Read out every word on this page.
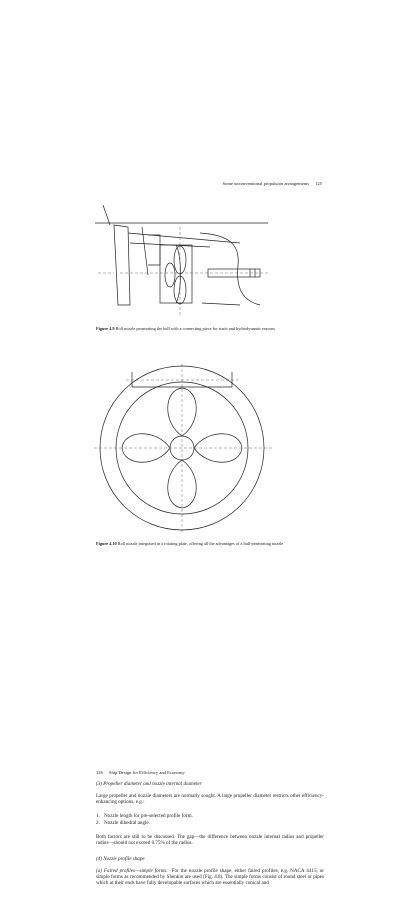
Some unconventional propulsion arrangements 125
Figure 4.9 Roll nozzle penetrating the hull with a connecting piece for static and hydrodynamic reasons
Figure 4.10 Roll nozzle integrated in a rotating plate, offering all the advantages of a hull-penetrating nozzle
126 Ship Design for Efficiency and Economy
(3) Propeller diameter and nozzle internal diameter
Large propeller and nozzle diameters are normally sought. A large propeller diameter restricts other efficiency-enhancing options, e.g.:
1. Nozzle length for pre-selected profile form.
2. Nozzle dihedral angle.
Both factors are still to be discussed. The gap—the difference between nozzle internal radius and propeller radius—should not exceed 0.75% of the radius.
(4) Nozzle profile shape
(a) Faired profiles—simple forms. For the nozzle profile shape, either faired profiles, e.g. NACA 4415, or simple forms as recommended by Shenkin are used (Fig. 4.8). The simple forms consist of round steel or pipes which at their ends have fully developable surfaces which are essentially conical and
